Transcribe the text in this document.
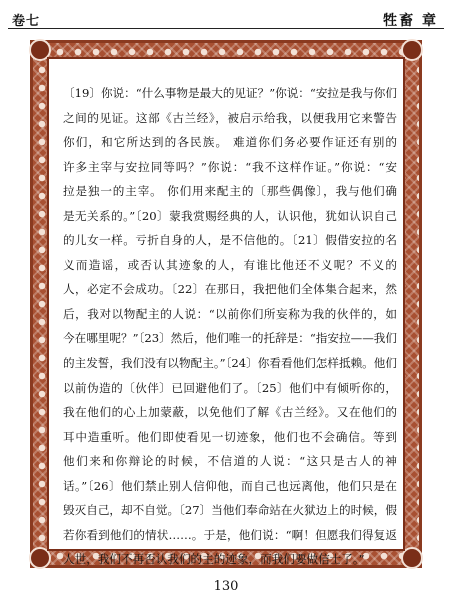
卷七	牲畜 章
〔19〕你说：“什么事物是最大的见证？”你说：“安拉是我与你们
之间的见证。这部《古兰经》，被启示给我，以便我用它来警告
你们，和它所达到的各民族。 难道你们务必要作证还有别的
许多主宰与安拉同等吗？”你说：“我不这样作证。”你说：“安
拉是独一的主宰。 你们用来配主的〔那些偶像〕，我与他们确
是无关系的。”〔20〕蒙我赏赐经典的人，认识他，犹如认识自己
的儿女一样。亏折自身的人，是不信他的。〔21〕假借安拉的名
义而造谣，或否认其迹象的人，有谁比他还不义呢？不义的
人，必定不会成功。〔22〕在那日，我把他们全体集合起来，然
后，我对以物配主的人说：“以前你们所妄称为我的伙伴的，如
今在哪里呢？”〔23〕然后，他们唯一的托辞是：“指安拉——我们
的主发誓，我们没有以物配主。”〔24〕你看看他们怎样抵赖。他们
以前伪造的〔伙伴〕已回避他们了。〔25〕他们中有倾听你的，
我在他们的心上加蒙蔽，以免他们了解《古兰经》。又在他们的
耳中造重听。他们即使看见一切迹象，他们也不会确信。等到
他们来和你辩论的时候，不信道的人说：“这只是古人的神
话。”〔26〕他们禁止别人信仰他，而自己也远离他，他们只是在
毁灭自己，却不自觉。〔27〕当他们奉命站在火狱边上的时候，假
若你看到他们的情状……。于是，他们说：“啊！但愿我们得复返
人世，我们不再否认我们的主的迹象，而我们要做信士了。”
130
